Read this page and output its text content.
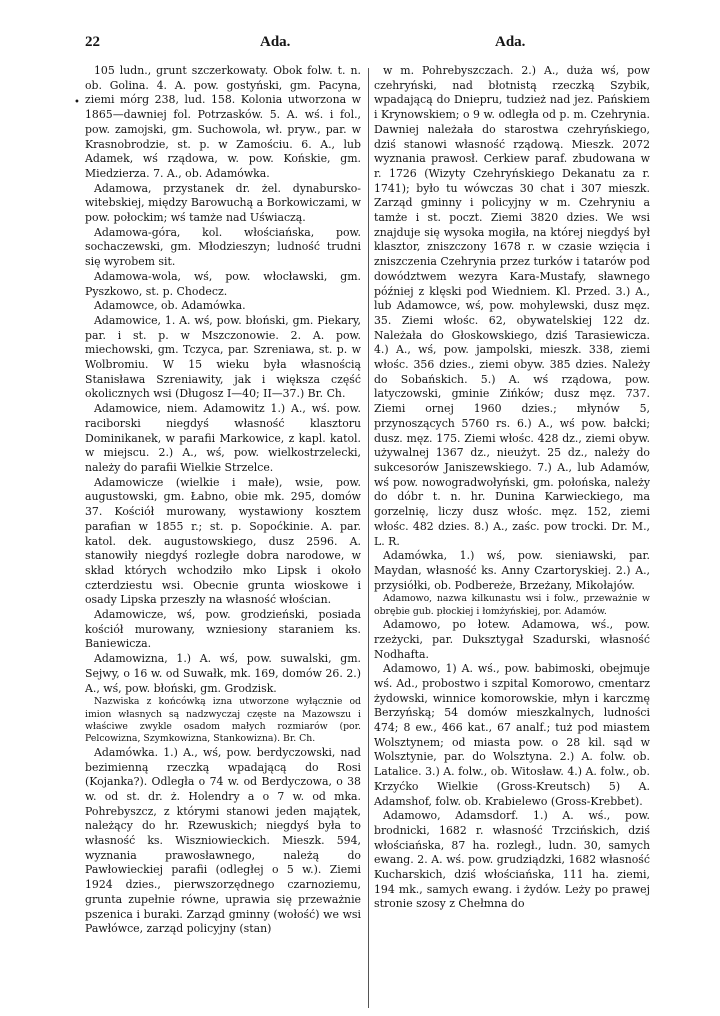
22	Ada.	Ada.
•

105 ludn., grunt szczerkowaty. Obok folw. t. n. ob. Golina. 4. A. pow. gostyński, gm. Pacyna, ziemi mórg 238, lud. 158. Kolonia utworzona w 1865—dawniej fol. Potrzasków. 5. A. wś. i fol., pow. zamojski, gm. Suchowola, wł. pryw., par. w Krasnobrodzie, st. p. w Zamościu. 6. A., lub Adamek, wś rządowa, w. pow. Końskie, gm. Miedzierza. 7. A., ob. Adamówka.

Adamowa, przystanek dr. żel. dynabursko-witebskiej, między Barowuchą a Borkowiczami, w pow. połockim; wś tamże nad Uświaczą.

Adamowa-góra, kol. włościańska, pow. sochaczewski, gm. Młodzieszyn; ludność trudni się wyrobem sit.

Adamowa-wola, wś, pow. włocławski, gm. Pyszkowo, st. p. Chodecz.

Adamowce, ob. Adamówka.

Adamowice, 1. A. wś, pow. błoński, gm. Piekary, par. i st. p. w Mszczonowie. 2. A. pow. miechowski, gm. Tczyca, par. Szreniawa, st. p. w Wolbromiu. W 15 wieku była własnością Stanisława Szreniawity, jak i większa część okolicznych wsi (Długosz I—40; II—37.) Br. Ch.

Adamowice, niem. Adamowitz 1.) A., wś. pow. raciborski niegdyś własność klasztoru Dominikanek, w parafii Markowice, z kapl. katol. w miejscu. 2.) A., wś, pow. wielkostrzelecki, należy do parafii Wielkie Strzelce.

Adamowicze (wielkie i małe), wsie, pow. augustowski, gm. Łabno, obie mk. 295, domów 37. Kościół murowany, wystawiony kosztem parafian w 1855 r.; st. p. Sopoćkinie. A. par. katol. dek. augustowskiego, dusz 2596. A. stanowiły niegdyś rozległe dobra narodowe, w skład których wchodziło mko Lipsk i około czterdziestu wsi. Obecnie grunta wioskowe i osady Lipska przeszły na własność włościan.

Adamowicze, wś, pow. grodzieński, posiada kościół murowany, wzniesiony staraniem ks. Baniewicza.

Adamowizna, 1.) A. wś, pow. suwalski, gm. Sejwy, o 16 w. od Suwałk, mk. 169, domów 26. 2.) A., wś, pow. błoński, gm. Grodzisk.

Nazwiska z końcówką izna utworzone wyłącznie od imion własnych są nadzwyczaj częste na Mazowszu i właściwe zwykle osadom małych rozmiarów (por. Pelcowizna, Szymkowizna, Stankowizna). Br. Ch.

Adamówka. 1.) A., wś, pow. berdyczowski, nad bezimienną rzeczką wpadającą do Rosi (Kojanka?). Odległa o 74 w. od Berdyczowa, o 38 w. od st. dr. ż. Holendry a o 7 w. od mka. Pohrebyszcz, z którymi stanowi jeden majątek, należący do hr. Rzewuskich; niegdyś była to własność ks. Wiszniowieckich. Mieszk. 594, wyznania prawosławnego, należą do Pawłowieckiej parafii (odległej o 5 w.). Ziemi 1924 dzies., pierwszorzędnego czarnoziemu, grunta zupełnie równe, uprawia się przeważnie pszenica i buraki. Zarząd gminny (wołość) we wsi Pawłówce, zarząd policyjny (stan)

w m. Pohrebyszczach. 2.) A., duża wś, pow czehryński, nad błotnistą rzeczką Szybik, wpadającą do Dniepru, tudzież nad jez. Pańskiem i Krynowskiem; o 9 w. odległa od p. m. Czehrynia. Dawniej należała do starostwa czehryńskiego, dziś stanowi własność rządową. Mieszk. 2072 wyznania prawosł. Cerkiew paraf. zbudowana w r. 1726 (Wizyty Czehryńskiego Dekanatu za r. 1741); było tu wówczas 30 chat i 307 mieszk. Zarząd gminny i policyjny w m. Czehryniu a tamże i st. poczt. Ziemi 3820 dzies. We wsi znajduje się wysoka mogiła, na której niegdyś był klasztor, zniszczony 1678 r. w czasie wzięcia i zniszczenia Czehrynia przez turków i tatarów pod dowództwem wezyra Kara-Mustafy, sławnego później z klęski pod Wiedniem. Kl. Przed. 3.) A., lub Adamowce, wś, pow. mohylewski, dusz męz. 35. Ziemi włośc. 62, obywatelskiej 122 dz. Należała do Głoskowskiego, dziś Tarasiewicza. 4.) A., wś, pow. jampolski, mieszk. 338, ziemi włośc. 356 dzies., ziemi obyw. 385 dzies. Należy do Sobańskich. 5.) A. wś rządowa, pow. latyczowski, gminie Zińków; dusz męz. 737. Ziemi ornej 1960 dzies.; młynów 5, przynoszących 5760 rs. 6.) A., wś pow. bałcki; dusz. męz. 175. Ziemi włośc. 428 dz., ziemi obyw. używalnej 1367 dz., nieużyt. 25 dz., należy do sukcesorów Janiszewskiego. 7.) A., lub Adamów, wś pow. nowogradwołyński, gm. połońska, należy do dóbr t. n. hr. Dunina Karwieckiego, ma gorzelnię, liczy dusz włośc. męz. 152, ziemi włośc. 482 dzies. 8.) A., zaśc. pow trocki. Dr. M., L. R.

Adamówka, 1.) wś, pow. sieniawski, par. Maydan, własność ks. Anny Czartoryskiej. 2.) A., przysiółki, ob. Podbereże, Brzeżany, Mikołajów.

Adamowo, nazwa kilkunastu wsi i folw., przeważnie w obrębie gub. płockiej i łomżyńskiej, por. Adamów.

Adamowo, po łotew. Adamowa, wś., pow. rzeżycki, par. Duksztygał Szadurski, własność Nodhafta.

Adamowo, 1) A. wś., pow. babimoski, obejmuje wś. Ad., probostwo i szpital Komorowo, cmentarz żydowski, winnice komorowskie, młyn i karczmę Berzyńską; 54 domów mieszkalnych, ludności 474; 8 ew., 466 kat., 67 analf.; tuż pod miastem Wolsztynem; od miasta pow. o 28 kil. sąd w Wolsztynie, par. do Wolsztyna. 2.) A. folw. ob. Latalice. 3.) A. folw., ob. Witosław. 4.) A. folw., ob. Krzyćko Wielkie (Gross-Kreutsch) 5) A. Adamshof, folw. ob. Krabielewo (Gross-Krebbet).

Adamowo, Adamsdorf. 1.) A. wś., pow. brodnicki, 1682 r. własność Trzcińskich, dziś włościańska, 87 ha. rozległ., ludn. 30, samych ewang. 2. A. wś. pow. grudziądzki, 1682 własność Kucharskich, dziś włościańska, 111 ha. ziemi, 194 mk., samych ewang. i żydów. Leży po prawej stronie szosy z Chełmna do
